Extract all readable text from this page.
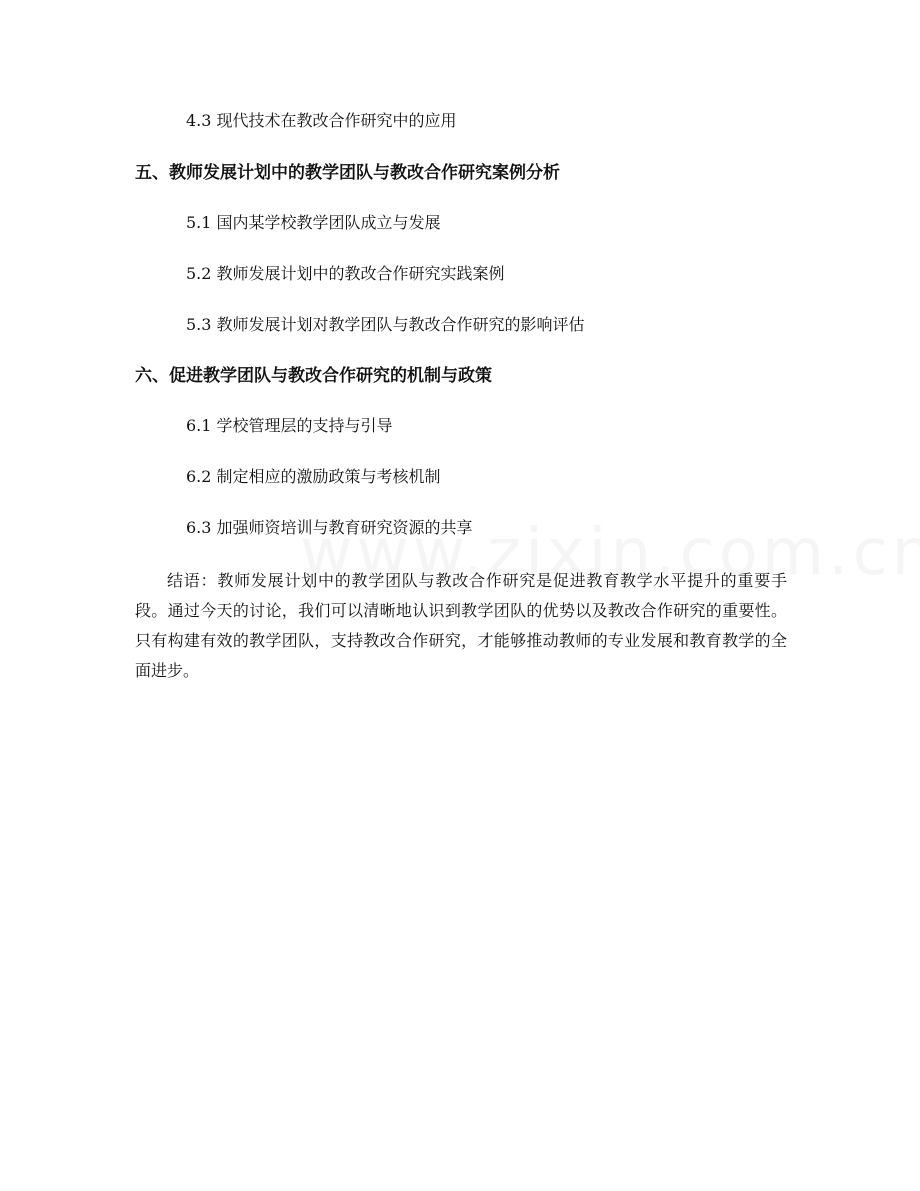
4.3 现代技术在教改合作研究中的应用
五、教师发展计划中的教学团队与教改合作研究案例分析
5.1 国内某学校教学团队成立与发展
5.2 教师发展计划中的教改合作研究实践案例
5.3 教师发展计划对教学团队与教改合作研究的影响评估
六、促进教学团队与教改合作研究的机制与政策
6.1 学校管理层的支持与引导
6.2 制定相应的激励政策与考核机制
6.3 加强师资培训与教育研究资源的共享

结语：教师发展计划中的教学团队与教改合作研究是促进教育教学水平提升的重要手段。通过今天的讨论，我们可以清晰地认识到教学团队的优势以及教改合作研究的重要性。只有构建有效的教学团队，支持教改合作研究，才能够推动教师的专业发展和教育教学的全面进步。
